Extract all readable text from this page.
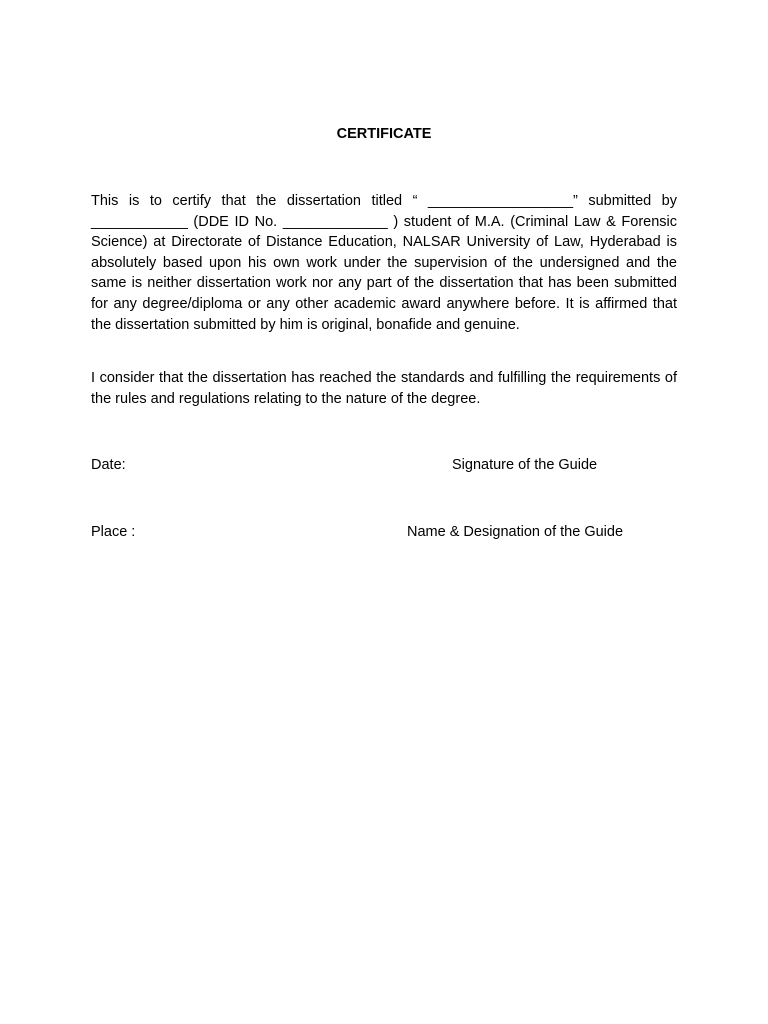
CERTIFICATE

This is to certify that the dissertation titled “ __________________” submitted by ____________ (DDE ID No. _____________ ) student of M.A. (Criminal Law & Forensic Science) at Directorate of Distance Education, NALSAR University of Law, Hyderabad is absolutely based upon his own work under the supervision of the undersigned and the same is neither dissertation work nor any part of the dissertation that has been submitted for any degree/diploma or any other academic award anywhere before. It is affirmed that the dissertation submitted by him is original, bonafide and genuine.

I consider that the dissertation has reached the standards and fulfilling the requirements of the rules and regulations relating to the nature of the degree.

Date:	Signature of the Guide
Place :	Name & Designation of the Guide
